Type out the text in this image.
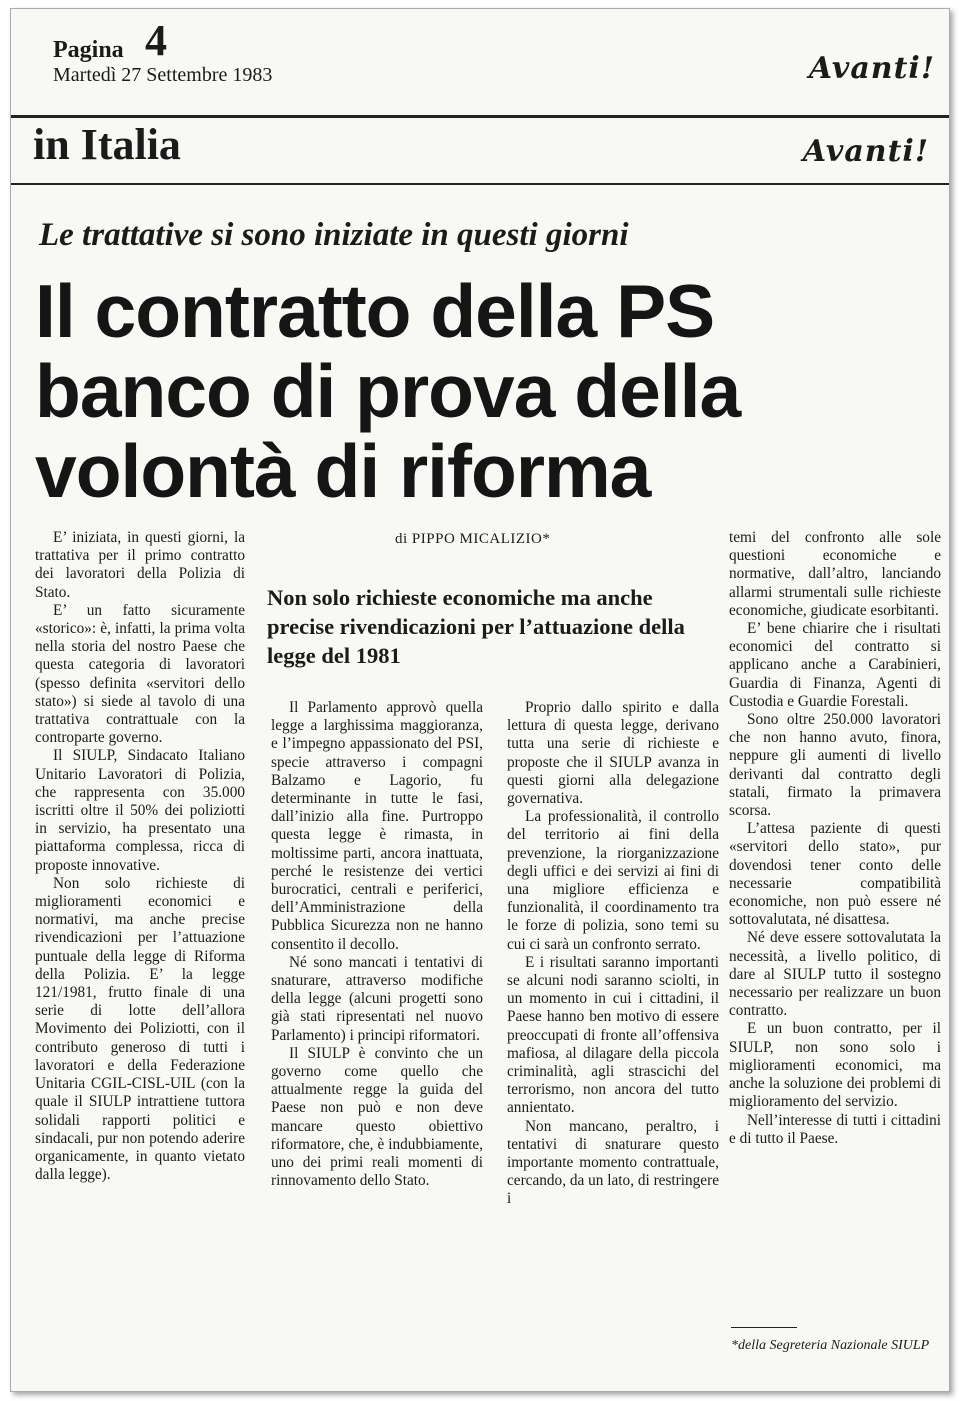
Pagina 4
Martedì 27 Settembre 1983	Avanti!
in Italia	Avanti!
Le trattative si sono iniziate in questi giorni
Il contratto della PS
banco di prova della
volontà di riforma
di PIPPO MICALIZIO*
Non solo richieste economiche ma anche precise rivendicazioni per l’attuazione della legge del 1981

E’ iniziata, in questi giorni, la trattativa per il primo contratto dei lavoratori della Polizia di Stato.

E’ un fatto sicuramente «storico»: è, infatti, la prima volta nella storia del nostro Paese che questa categoria di lavoratori (spesso definita «servitori dello stato») si siede al tavolo di una trattativa contrattuale con la controparte governo.

Il SIULP, Sindacato Italiano Unitario Lavoratori di Polizia, che rappresenta con 35.000 iscritti oltre il 50% dei poliziotti in servizio, ha presentato una piattaforma complessa, ricca di proposte innovative.

Non solo richieste di miglioramenti economici e normativi, ma anche precise rivendicazioni per l’attuazione puntuale della legge di Riforma della Polizia. E’ la legge 121/1981, frutto finale di una serie di lotte dell’allora Movimento dei Poliziotti, con il contributo generoso di tutti i lavoratori e della Federazione Unitaria CGIL-CISL-UIL (con la quale il SIULP intrattiene tuttora solidali rapporti politici e sindacali, pur non potendo aderire organicamente, in quanto vietato dalla legge).

Il Parlamento approvò quella legge a larghissima maggioranza, e l’impegno appassionato del PSI, specie attraverso i compagni Balzamo e Lagorio, fu determinante in tutte le fasi, dall’inizio alla fine. Purtroppo questa legge è rimasta, in moltissime parti, ancora inattuata, perché le resistenze dei vertici burocratici, centrali e periferici, dell’Amministrazione della Pubblica Sicurezza non ne hanno consentito il decollo.

Né sono mancati i tentativi di snaturare, attraverso modifiche della legge (alcuni progetti sono già stati ripresentati nel nuovo Parlamento) i principi riformatori.

Il SIULP è convinto che un governo come quello che attualmente regge la guida del Paese non può e non deve mancare questo obiettivo riformatore, che, è indubbiamente, uno dei primi reali momenti di rinnovamento dello Stato.

Proprio dallo spirito e dalla lettura di questa legge, derivano tutta una serie di richieste e proposte che il SIULP avanza in questi giorni alla delegazione governativa.

La professionalità, il controllo del territorio ai fini della prevenzione, la riorganizzazione degli uffici e dei servizi ai fini di una migliore efficienza e funzionalità, il coordinamento tra le forze di polizia, sono temi su cui ci sarà un confronto serrato.

E i risultati saranno importanti se alcuni nodi saranno sciolti, in un momento in cui i cittadini, il Paese hanno ben motivo di essere preoccupati di fronte all’offensiva mafiosa, al dilagare della piccola criminalità, agli strascichi del terrorismo, non ancora del tutto annientato.

Non mancano, peraltro, i tentativi di snaturare questo importante momento contrattuale, cercando, da un lato, di restringere i

temi del confronto alle sole questioni economiche e normative, dall’altro, lanciando allarmi strumentali sulle richieste economiche, giudicate esorbitanti.

E’ bene chiarire che i risultati economici del contratto si applicano anche a Carabinieri, Guardia di Finanza, Agenti di Custodia e Guardie Forestali.

Sono oltre 250.000 lavoratori che non hanno avuto, finora, neppure gli aumenti di livello derivanti dal contratto degli statali, firmato la primavera scorsa.

L’attesa paziente di questi «servitori dello stato», pur dovendosi tener conto delle necessarie compatibilità economiche, non può essere né sottovalutata, né disattesa.

Né deve essere sottovalutata la necessità, a livello politico, di dare al SIULP tutto il sostegno necessario per realizzare un buon contratto.

E un buon contratto, per il SIULP, non sono solo i miglioramenti economici, ma anche la soluzione dei problemi di miglioramento del servizio.

Nell’interesse di tutti i cittadini e di tutto il Paese.

*della Segreteria Nazionale SIULP
